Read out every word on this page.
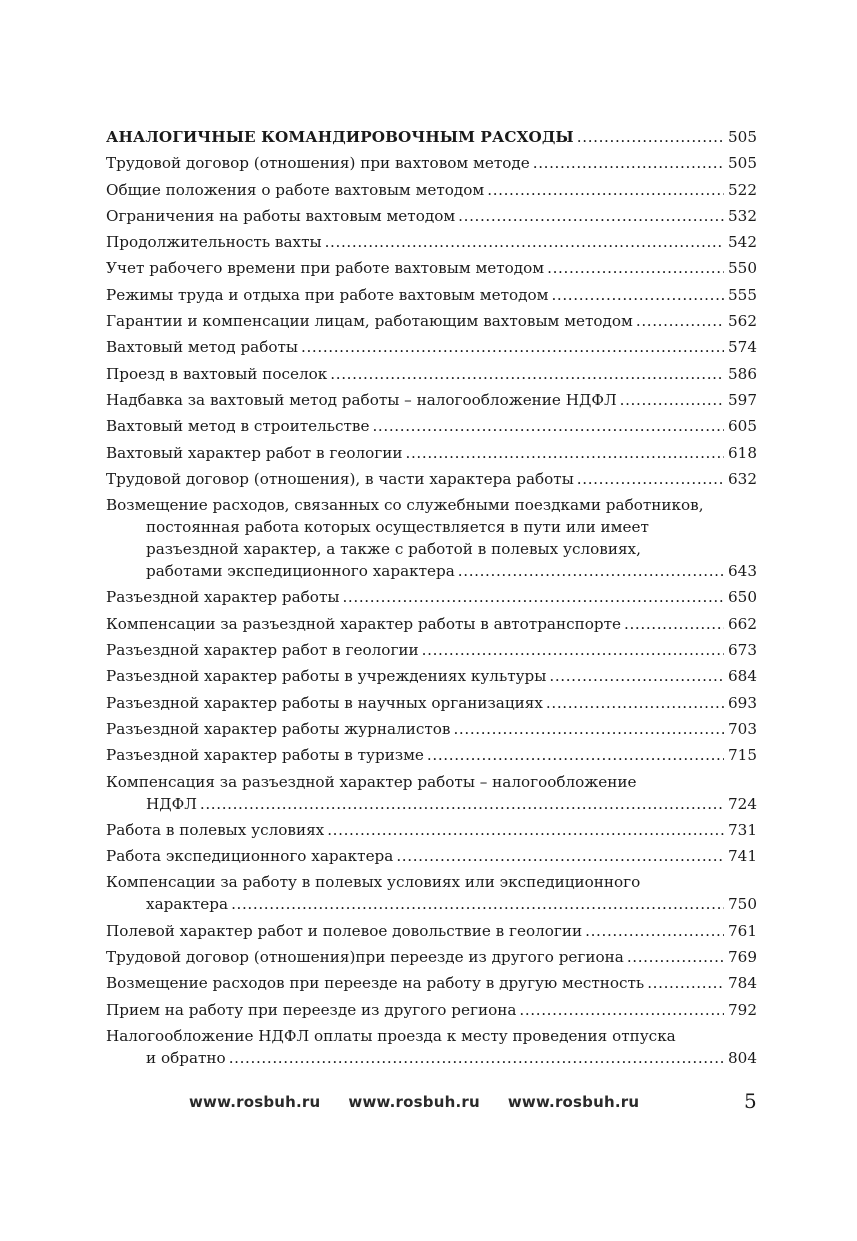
АНАЛОГИЧНЫЕ КОМАНДИРОВОЧНЫМ РАСХОДЫ . . .	505
Трудовой договор (отношения) при вахтовом методе . . .	505
Общие положения о работе вахтовым методом . . .	522
Ограничения на работы вахтовым методом . . .	532
Продолжительность вахты . . .	542
Учет рабочего времени при работе вахтовым методом . . .	550
Режимы труда и отдыха при работе вахтовым методом . . .	555
Гарантии и компенсации лицам, работающим вахтовым методом . . .	562
Вахтовый метод работы . . .	574
Проезд в вахтовый поселок . . .	586
Надбавка за вахтовый метод работы – налогообложение НДФЛ . . .	597
Вахтовый метод в строительстве . . .	605
Вахтовый характер работ в геологии . . .	618
Трудовой договор (отношения), в части характера работы . . .	632
Возмещение расходов, связанных со служебными поездками работников,
постоянная работа которых осуществляется в пути или имеет
разъездной характер, а также с работой в полевых условиях,
работами экспедиционного характера . . .	643
Разъездной характер работы . . .	650
Компенсации за разъездной характер работы в автотранспорте . . .	662
Разъездной характер работ в геологии . . .	673
Разъездной характер работы в учреждениях культуры . . .	684
Разъездной характер работы в научных организациях . . .	693
Разъездной характер работы журналистов . . .	703
Разъездной характер работы в туризме . . .	715
Компенсация за разъездной характер работы – налогообложение
НДФЛ . . .	724
Работа в полевых условиях . . .	731
Работа экспедиционного характера . . .	741
Компенсации за работу в полевых условиях или экспедиционного
характера . . .	750
Полевой характер работ и полевое довольствие в геологии . . .	761
Трудовой договор (отношения)при переезде из другого региона . . .	769
Возмещение расходов при переезде на работу в другую местность . . .	784
Прием на работу при переезде из другого региона . . .	792
Налогообложение НДФЛ оплаты проезда к месту проведения отпуска
и обратно . . .	804
www.rosbuh.ru www.rosbuh.ru www.rosbuh.ru	5
